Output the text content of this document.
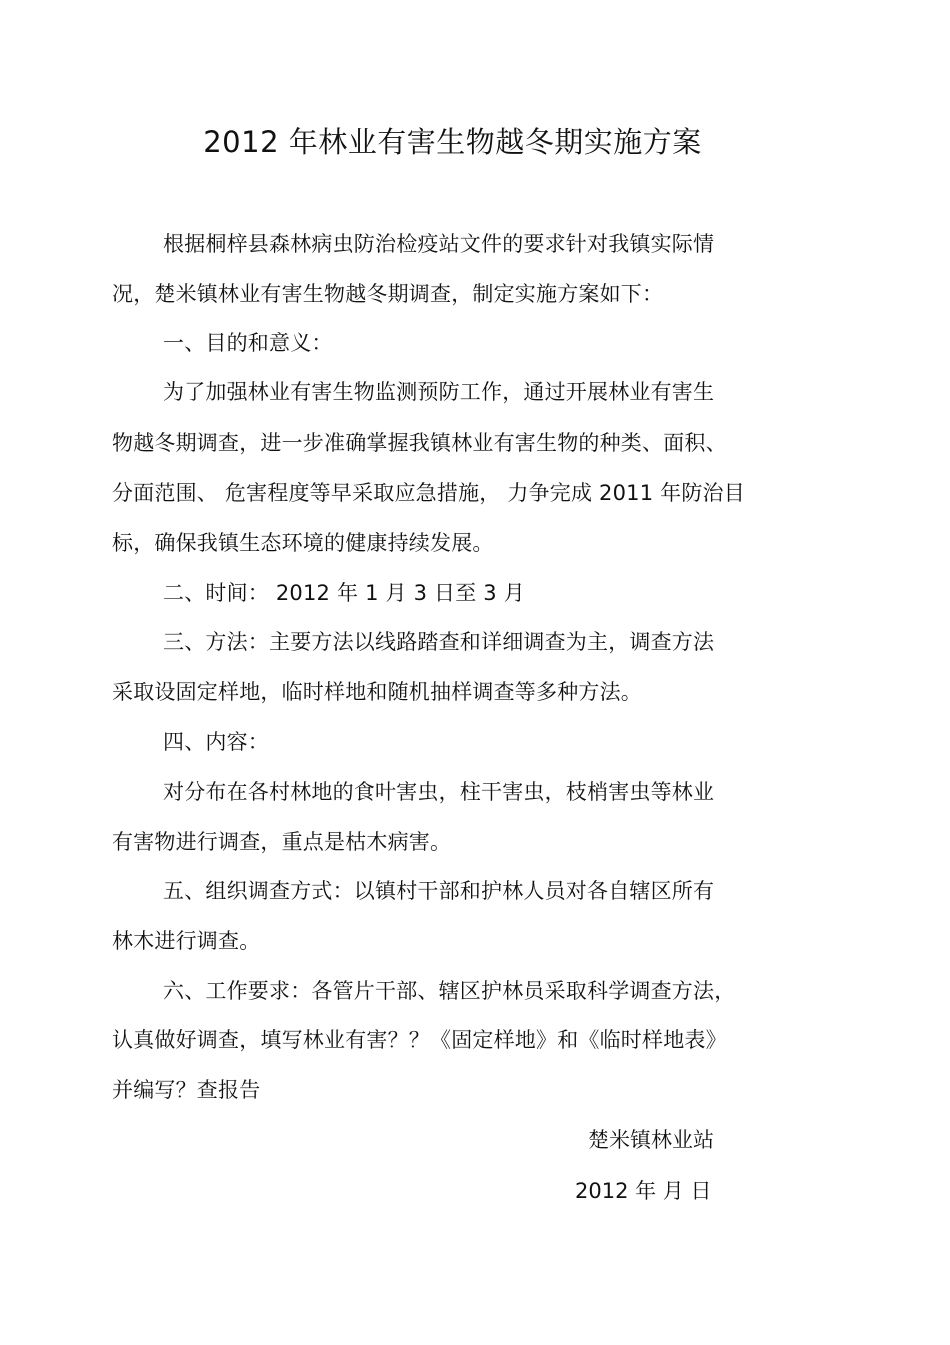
2012 年林业有害生物越冬期实施方案
根据桐梓县森林病虫防治检疫站文件的要求针对我镇实际情
况，楚米镇林业有害生物越冬期调查，制定实施方案如下：
一、目的和意义：
为了加强林业有害生物监测预防工作，通过开展林业有害生
物越冬期调查，进一步准确掌握我镇林业有害生物的种类、面积、
分面范围、 危害程度等早采取应急措施， 力争完成 2011 年防治目
标，确保我镇生态环境的健康持续发展。
二、时间： 2012 年 1 月 3 日至 3 月
三、方法：主要方法以线路踏查和详细调查为主，调查方法
采取设固定样地，临时样地和随机抽样调查等多种方法。
四、内容：
对分布在各村林地的食叶害虫，柱干害虫，枝梢害虫等林业
有害物进行调查，重点是枯木病害。
五、组织调查方式：以镇村干部和护林人员对各自辖区所有
林木进行调查。
六、工作要求：各管片干部、辖区护林员采取科学调查方法，
认真做好调查，填写林业有害？？《固定样地》和《临时样地表》
并编写？查报告
楚米镇林业站
2012 年 月 日
